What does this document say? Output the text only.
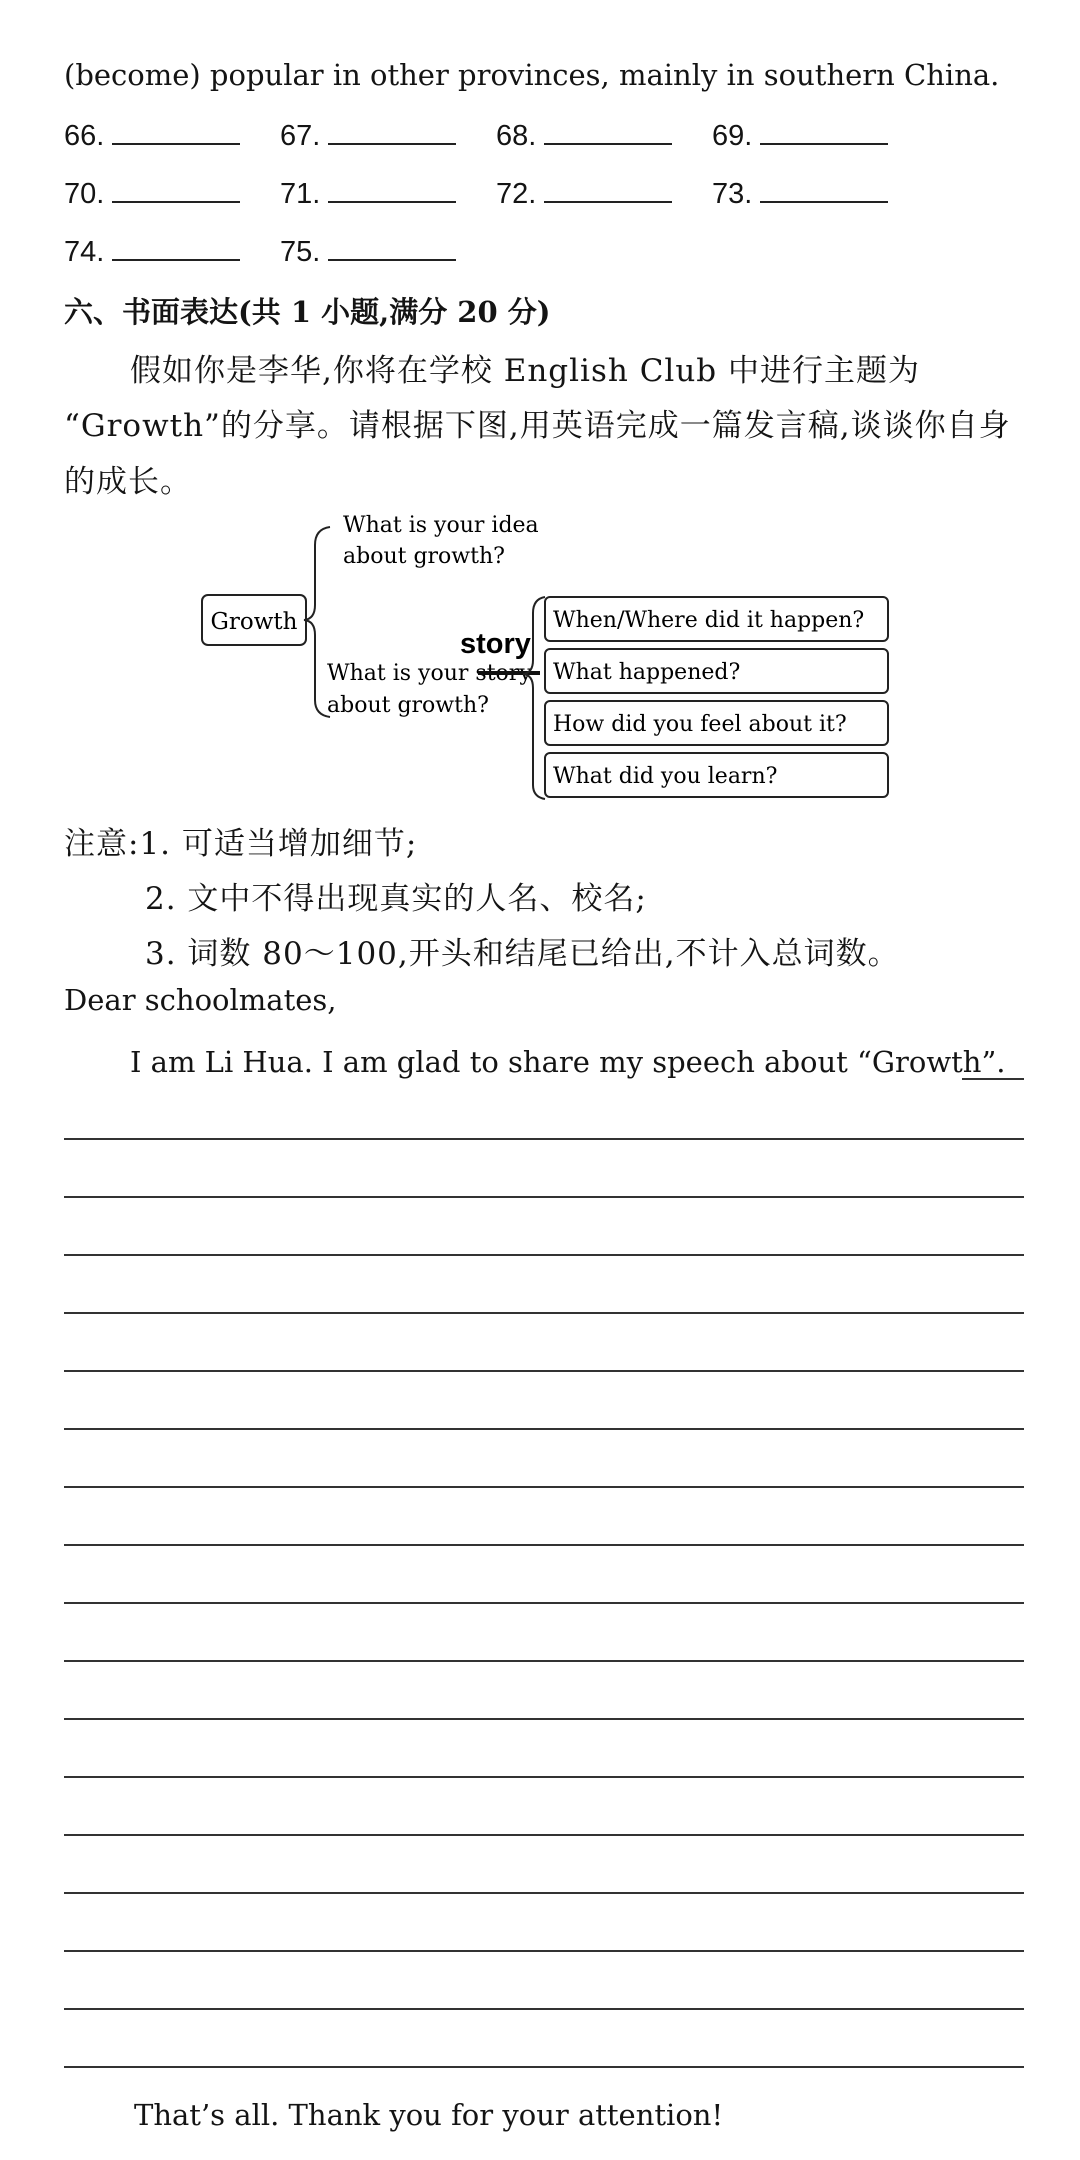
(become) popular in other provinces, mainly in southern China.
66.	67.	68.	69.
70.	71.	72.	73.
74.	75.
六、书面表达(共 1 小题,满分 20 分)
假如你是李华,你将在学校 English Club 中进行主题为
“Growth”的分享。请根据下图,用英语完成一篇发言稿,谈谈你自身
的成长。
Growth
What is your idea
about growth?
What is your story
story
about growth?
When/Where did it happen?
What happened?
How did you feel about it?
What did you learn?
注意:1. 可适当增加细节;
2. 文中不得出现真实的人名、校名;
3. 词数 80～100,开头和结尾已给出,不计入总词数。
Dear schoolmates,
I am Li Hua. I am glad to share my speech about “Growth”.
That’s all. Thank you for your attention!
